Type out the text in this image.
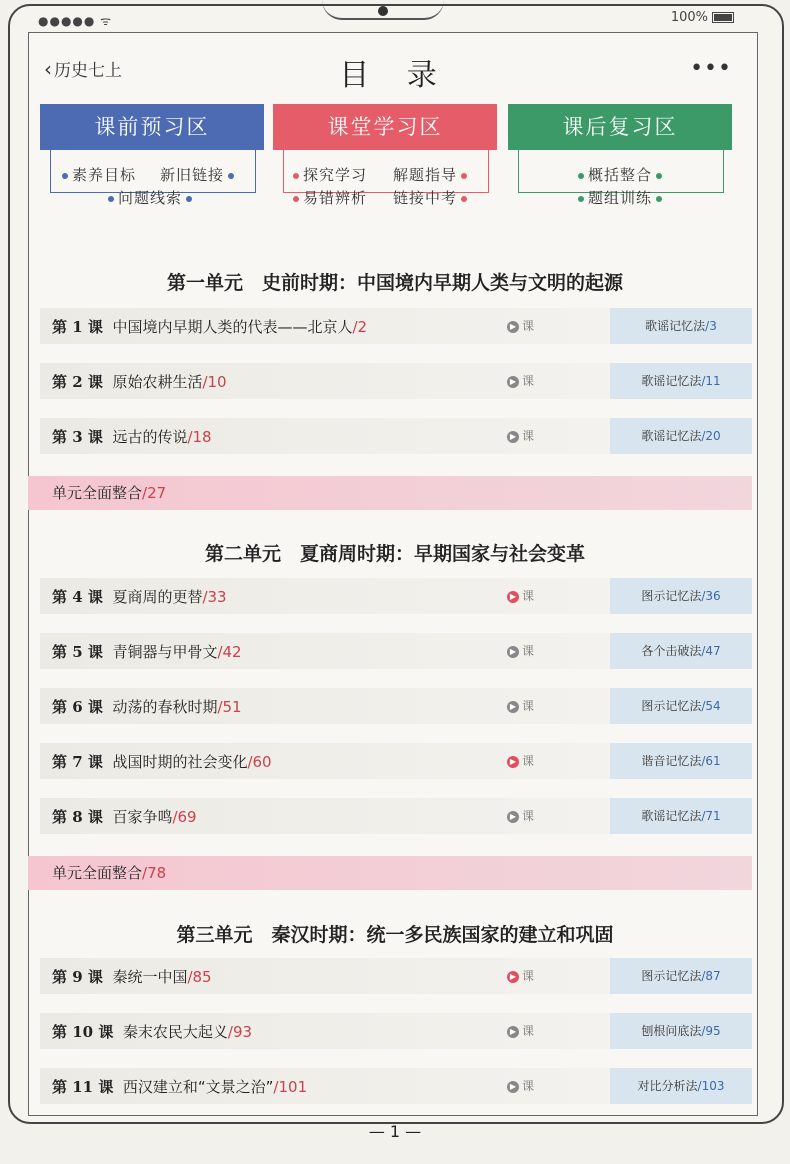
●●●●● ᯤ	100%
‹ 历史七上	目 录	•••
课前预习区	课堂学习区	课后复习区
素养目标 新旧链接
问题线索
探究学习 解题指导
易错辨析 链接中考
概括整合
题组训练
第一单元　史前时期：中国境内早期人类与文明的起源
第 1 课 中国境内早期人类的代表——北京人/2	▶ 课	歌谣记忆法/3
第 2 课 原始农耕生活/10	▶ 课	歌谣记忆法/11
第 3 课 远古的传说/18	▶ 课	歌谣记忆法/20
单元全面整合/27
第二单元　夏商周时期：早期国家与社会变革
第 4 课 夏商周的更替/33	▶ 课	图示记忆法/36
第 5 课 青铜器与甲骨文/42	▶ 课	各个击破法/47
第 6 课 动荡的春秋时期/51	▶ 课	图示记忆法/54
第 7 课 战国时期的社会变化/60	▶ 课	谐音记忆法/61
第 8 课 百家争鸣/69	▶ 课	歌谣记忆法/71
单元全面整合/78
第三单元　秦汉时期：统一多民族国家的建立和巩固
第 9 课 秦统一中国/85	▶ 课	图示记忆法/87
第 10 课 秦末农民大起义/93	▶ 课	刨根问底法/95
第 11 课 西汉建立和“文景之治”/101	▶ 课	对比分析法/103
— 1 —
